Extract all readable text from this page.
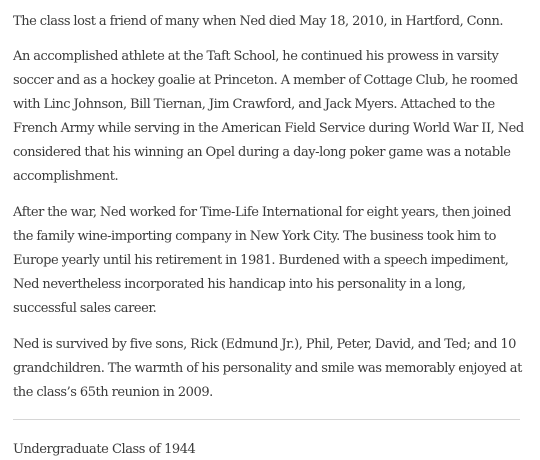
The class lost a friend of many when Ned died May 18, 2010, in Hartford, Conn.

An accomplished athlete at the Taft School, he continued his prowess in varsity soccer and as a hockey goalie at Princeton. A member of Cottage Club, he roomed with Linc Johnson, Bill Tiernan, Jim Crawford, and Jack Myers. Attached to the French Army while serving in the American Field Service during World War II, Ned considered that his winning an Opel during a day-long poker game was a notable accomplishment.

After the war, Ned worked for Time-Life International for eight years, then joined the family wine-importing company in New York City. The business took him to Europe yearly until his retirement in 1981. Burdened with a speech impediment, Ned nevertheless incorporated his handicap into his personality in a long, successful sales career.

Ned is survived by five sons, Rick (Edmund Jr.), Phil, Peter, David, and Ted; and 10 grandchildren. The warmth of his personality and smile was memorably enjoyed at the class’s 65th reunion in 2009.

Undergraduate Class of 1944
